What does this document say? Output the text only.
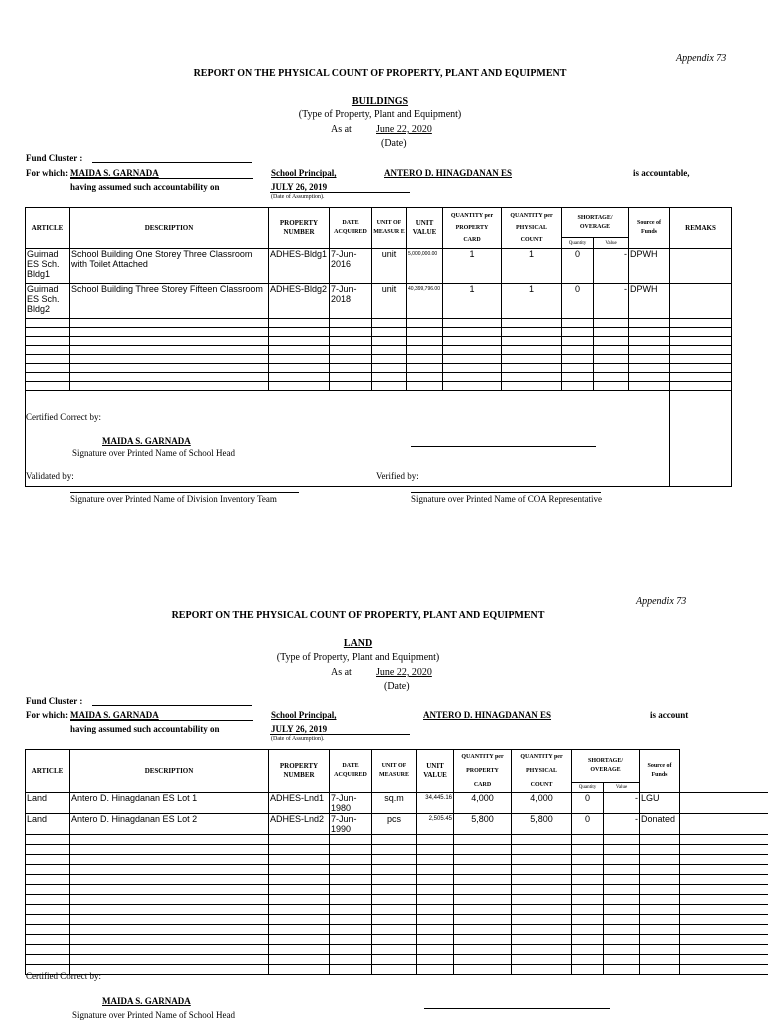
Appendix 73
REPORT ON THE PHYSICAL COUNT OF PROPERTY, PLANT AND EQUIPMENT
BUILDINGS
(Type of Property, Plant and Equipment)
As at June 22, 2020
(Date)
Fund Cluster :
For which: MAIDA S. GARNADA	School Principal,	ANTERO D. HINAGDANAN ES	is accountable,
having assumed such accountability on	JULY 26, 2019
(Date of Assumption).
ARTICLE	DESCRIPTION	PROPERTY NUMBER	DATE ACQUIRED	UNIT OF MEASUR E	UNIT VALUE	QUANTITY per
PROPERTY
CARD	QUANTITY per
PHYSICAL
COUNT	SHORTAGE/ OVERAGE		Source of Funds	REMAKS
								Quantity	Value		
Guimad ES Sch. Bldg1	School Building One Storey Three Classroom with Toilet Attached	ADHES-Bldg1	7-Jun-2016	unit	5,000,000.00	1	1	0	-	DPWH	
Guimad ES Sch. Bldg2	School Building Three Storey Fifteen Classroom	ADHES-Bldg2	7-Jun-2018	unit	40,399,796.00	1	1	0	-	DPWH	

Certified Correct by:
MAIDA S. GARNADA
Signature over Printed Name of School Head
Validated by:	Verified by:
Signature over Printed Name of Division Inventory Team	Signature over Printed Name of COA Representative
Appendix 73
REPORT ON THE PHYSICAL COUNT OF PROPERTY, PLANT AND EQUIPMENT
LAND
(Type of Property, Plant and Equipment)
As at June 22, 2020
(Date)
Fund Cluster :
For which: MAIDA S. GARNADA	School Principal,	ANTERO D. HINAGDANAN ES	is account
having assumed such accountability on	JULY 26, 2019
(Date of Assumption).
ARTICLE	DESCRIPTION	PROPERTY NUMBER	DATE ACQUIRED	UNIT OF MEASURE	UNIT VALUE	QUANTITY per
PROPERTY
CARD	QUANTITY per
PHYSICAL
COUNT	SHORTAGE/ OVERAGE		Source of Funds	
								Quantity	Value		
Land	Antero D. Hinagdanan ES Lot 1	ADHES-Lnd1	7-Jun-1980	sq.m	34,445.16	4,000	4,000	0	-	LGU	
Land	Antero D. Hinagdanan ES Lot 2	ADHES-Lnd2	7-Jun-1990	pcs	2,505.45	5,800	5,800	0	-	Donated	

Certified Correct by:
MAIDA S. GARNADA
Signature over Printed Name of School Head
